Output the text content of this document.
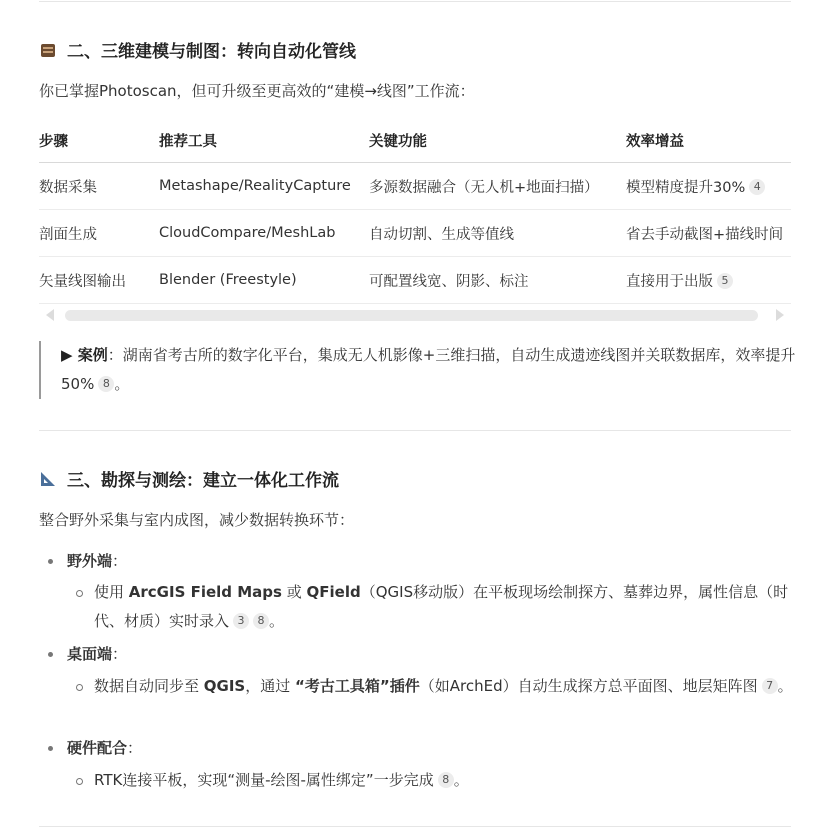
二、三维建模与制图：转向自动化管线
你已掌握Photoscan，但可升级至更高效的“建模→线图”工作流：
步骤	推荐工具	关键功能	效率增益
数据采集	Metashape/RealityCapture	多源数据融合（无人机+地面扫描）	模型精度提升30% 4
剖面生成	CloudCompare/MeshLab	自动切割、生成等值线	省去手动截图+描线时间
矢量线图输出	Blender (Freestyle)	可配置线宽、阴影、标注	直接用于出版 5
▶ 案例：湖南省考古所的数字化平台，集成无人机影像+三维扫描，自动生成遗迹线图并关联数据库，效率提升50% 8 。
三、勘探与测绘：建立一体化工作流
整合野外采集与室内成图，减少数据转换环节：
野外端：
使用 ArcGIS Field Maps 或 QField（QGIS移动版）在平板现场绘制探方、墓葬边界，属性信息（时代、材质）实时录入 3 8 。
桌面端：
数据自动同步至 QGIS，通过 “考古工具箱”插件（如ArchEd）自动生成探方总平面图、地层矩阵图 7 。
硬件配合：
RTK连接平板，实现“测量-绘图-属性绑定”一步完成 8 。
